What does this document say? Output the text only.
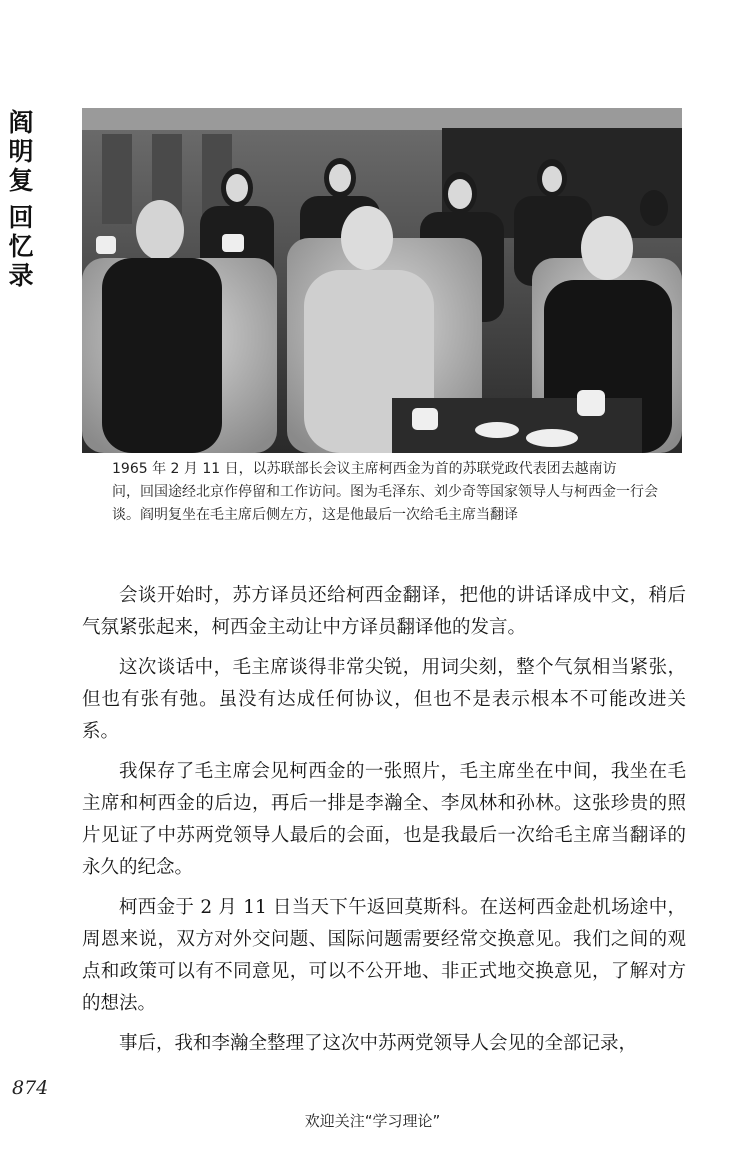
阎
明
复
回
忆
录
1965 年 2 月 11 日，以苏联部长会议主席柯西金为首的苏联党政代表团去越南访
问，回国途经北京作停留和工作访问。图为毛泽东、刘少奇等国家领导人与柯西金一行会谈。阎明复坐在毛主席后侧左方，这是他最后一次给毛主席当翻译

会谈开始时，苏方译员还给柯西金翻译，把他的讲话译成中文，稍后气氛紧张起来，柯西金主动让中方译员翻译他的发言。

这次谈话中，毛主席谈得非常尖锐，用词尖刻，整个气氛相当紧张，但也有张有弛。虽没有达成任何协议，但也不是表示根本不可能改进关系。

我保存了毛主席会见柯西金的一张照片，毛主席坐在中间，我坐在毛主席和柯西金的后边，再后一排是李瀚全、李凤林和孙林。这张珍贵的照片见证了中苏两党领导人最后的会面，也是我最后一次给毛主席当翻译的永久的纪念。

柯西金于 2 月 11 日当天下午返回莫斯科。在送柯西金赴机场途中，周恩来说，双方对外交问题、国际问题需要经常交换意见。我们之间的观点和政策可以有不同意见，可以不公开地、非正式地交换意见，了解对方的想法。

事后，我和李瀚全整理了这次中苏两党领导人会见的全部记录，

874
欢迎关注“学习理论”
